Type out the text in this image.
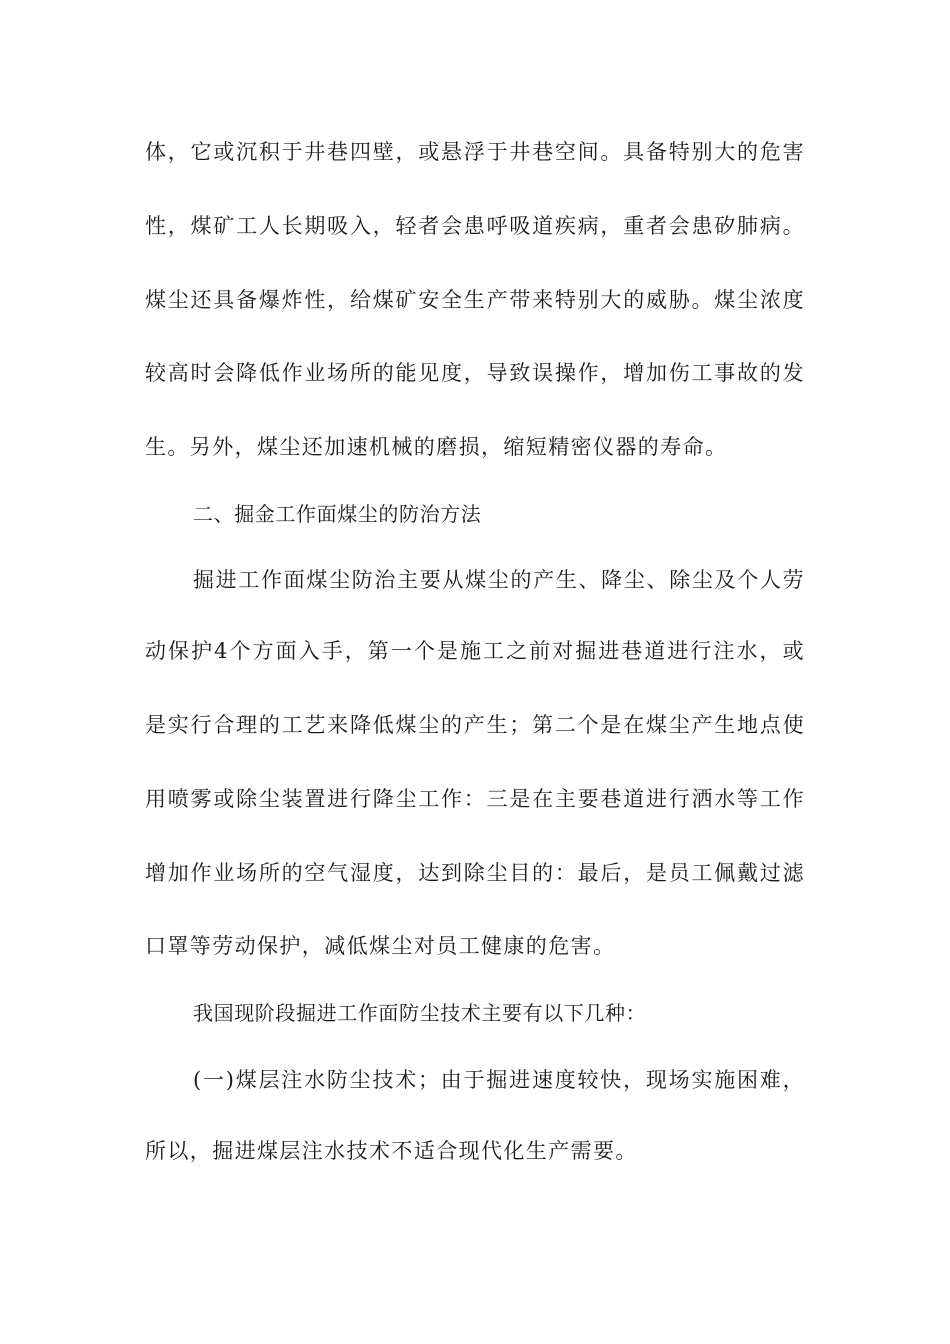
体，它或沉积于井巷四壁，或悬浮于井巷空间。具备特别大的危害
性，煤矿工人长期吸入，轻者会患呼吸道疾病，重者会患矽肺病。
煤尘还具备爆炸性，给煤矿安全生产带来特别大的威胁。煤尘浓度
较高时会降低作业场所的能见度，导致误操作，增加伤工事故的发
生。另外，煤尘还加速机械的磨损，缩短精密仪器的寿命。
二、掘金工作面煤尘的防治方法
掘进工作面煤尘防治主要从煤尘的产生、降尘、除尘及个人劳
动保护4个方面入手，第一个是施工之前对掘进巷道进行注水，或
是实行合理的工艺来降低煤尘的产生；第二个是在煤尘产生地点使
用喷雾或除尘装置进行降尘工作：三是在主要巷道进行洒水等工作
增加作业场所的空气湿度，达到除尘目的：最后，是员工佩戴过滤
口罩等劳动保护，减低煤尘对员工健康的危害。
我国现阶段掘进工作面防尘技术主要有以下几种：
(一)煤层注水防尘技术；由于掘进速度较快，现场实施困难，
所以，掘进煤层注水技术不适合现代化生产需要。
